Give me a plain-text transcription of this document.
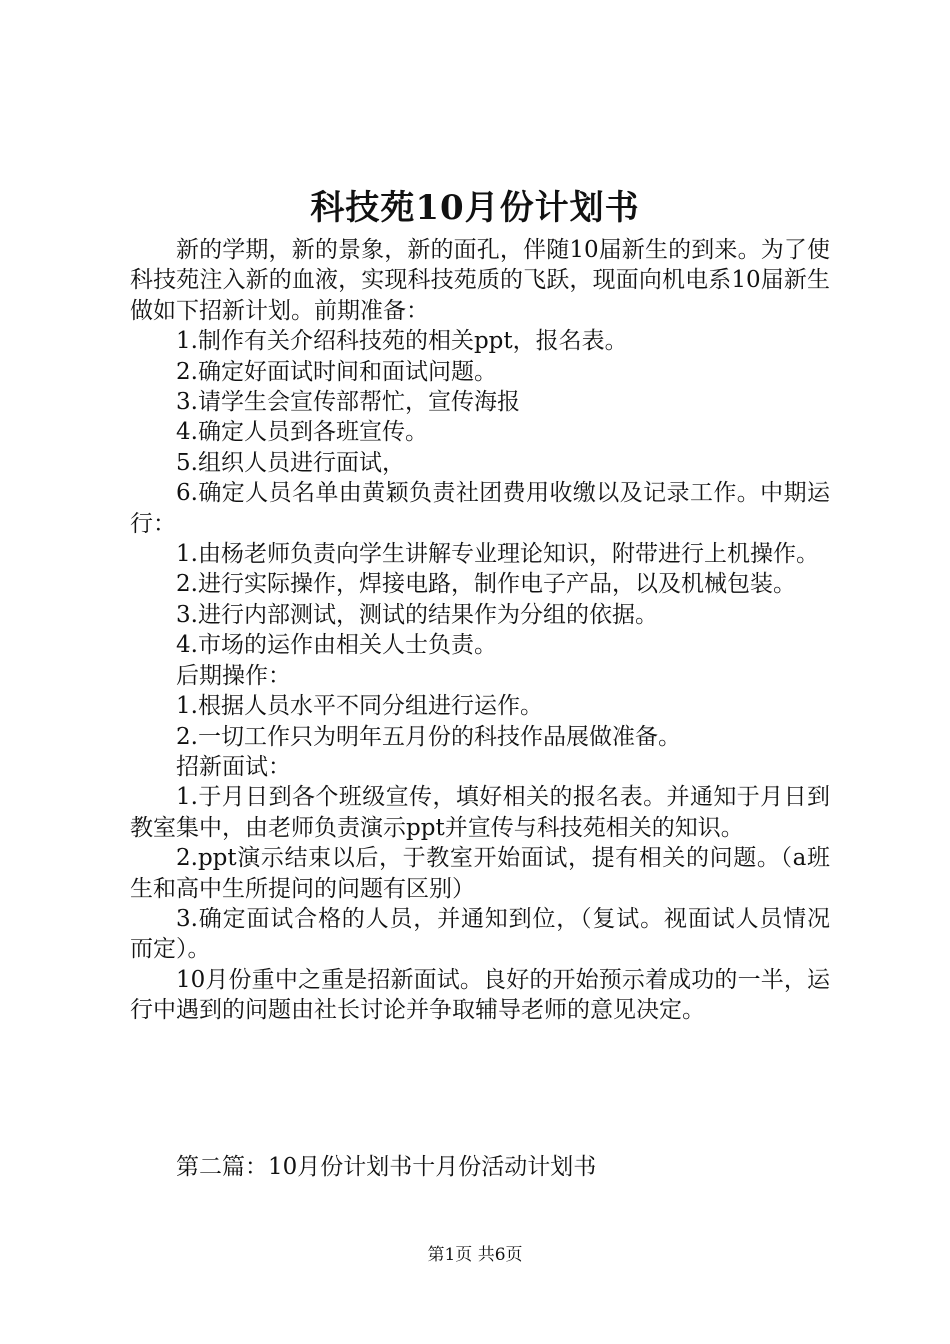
科技苑10月份计划书

新的学期，新的景象，新的面孔，伴随10届新生的到来。为了使科技苑注入新的血液，实现科技苑质的飞跃，现面向机电系10届新生做如下招新计划。前期准备：

1.制作有关介绍科技苑的相关ppt，报名表。

2.确定好面试时间和面试问题。

3.请学生会宣传部帮忙，宣传海报

4.确定人员到各班宣传。

5.组织人员进行面试，

6.确定人员名单由黄颖负责社团费用收缴以及记录工作。中期运行：

1.由杨老师负责向学生讲解专业理论知识，附带进行上机操作。

2.进行实际操作，焊接电路，制作电子产品，以及机械包装。

3.进行内部测试，测试的结果作为分组的依据。

4.市场的运作由相关人士负责。

后期操作：

1.根据人员水平不同分组进行运作。

2.一切工作只为明年五月份的科技作品展做准备。

招新面试：

1.于月日到各个班级宣传，填好相关的报名表。并通知于月日到教室集中，由老师负责演示ppt并宣传与科技苑相关的知识。

2.ppt演示结束以后，于教室开始面试，提有相关的问题。（a班生和高中生所提问的问题有区别）

3.确定面试合格的人员，并通知到位，（复试。视面试人员情况而定）。

10月份重中之重是招新面试。良好的开始预示着成功的一半，运行中遇到的问题由社长讨论并争取辅导老师的意见决定。

第二篇：10月份计划书十月份活动计划书
第1页 共6页
